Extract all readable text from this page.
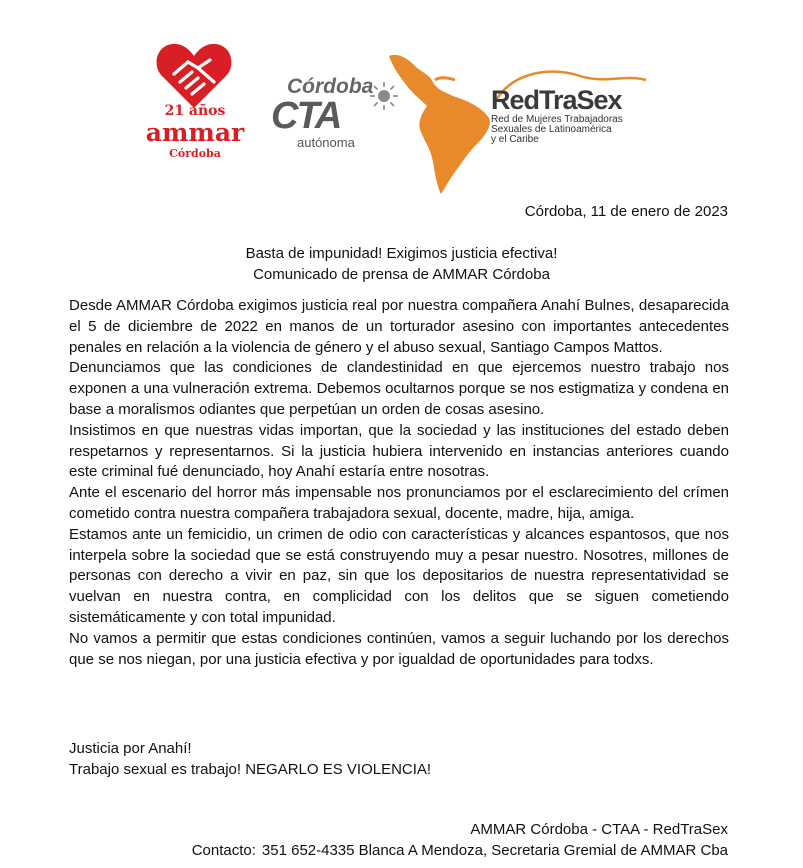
21 años
ammar
Córdoba
Córdoba
CTA
autónoma
RedTraSex
Red de Mujeres Trabajadoras
Sexuales de Latinoamérica
y el Caribe
Córdoba, 11 de enero de 2023
Basta de impunidad! Exigimos justicia efectiva!
Comunicado de prensa de AMMAR Córdoba

Desde AMMAR Córdoba exigimos justicia real por nuestra compañera Anahí Bulnes, desaparecida el 5 de diciembre de 2022 en manos de un torturador asesino con importantes antecedentes penales en relación a la violencia de género y el abuso sexual, Santiago Campos Mattos.

Denunciamos que las condiciones de clandestinidad en que ejercemos nuestro trabajo nos exponen a una vulneración extrema. Debemos ocultarnos porque se nos estigmatiza y condena en base a moralismos odiantes que perpetúan un orden de cosas asesino.

Insistimos en que nuestras vidas importan, que la sociedad y las instituciones del estado deben respetarnos y representarnos. Si la justicia hubiera intervenido en instancias anteriores cuando este criminal fué denunciado, hoy Anahí estaría entre nosotras.

Ante el escenario del horror más impensable nos pronunciamos por el esclarecimiento del crímen cometido contra nuestra compañera trabajadora sexual, docente, madre, hija, amiga.

Estamos ante un femicidio, un crimen de odio con características y alcances espantosos, que nos interpela sobre la sociedad que se está construyendo muy a pesar nuestro. Nosotres, millones de personas con derecho a vivir en paz, sin que los depositarios de nuestra representatividad se vuelvan en nuestra contra, en complicidad con los delitos que se siguen cometiendo sistemáticamente y con total impunidad.

No vamos a permitir que estas condiciones continúen, vamos a seguir luchando por los derechos que se nos niegan, por una justicia efectiva y por igualdad de oportunidades para todxs.

Justicia por Anahí!

Trabajo sexual es trabajo! NEGARLO ES VIOLENCIA!

AMMAR Córdoba - CTAA - RedTraSex
Contacto: 351 652-4335 Blanca A Mendoza, Secretaria Gremial de AMMAR Cba
